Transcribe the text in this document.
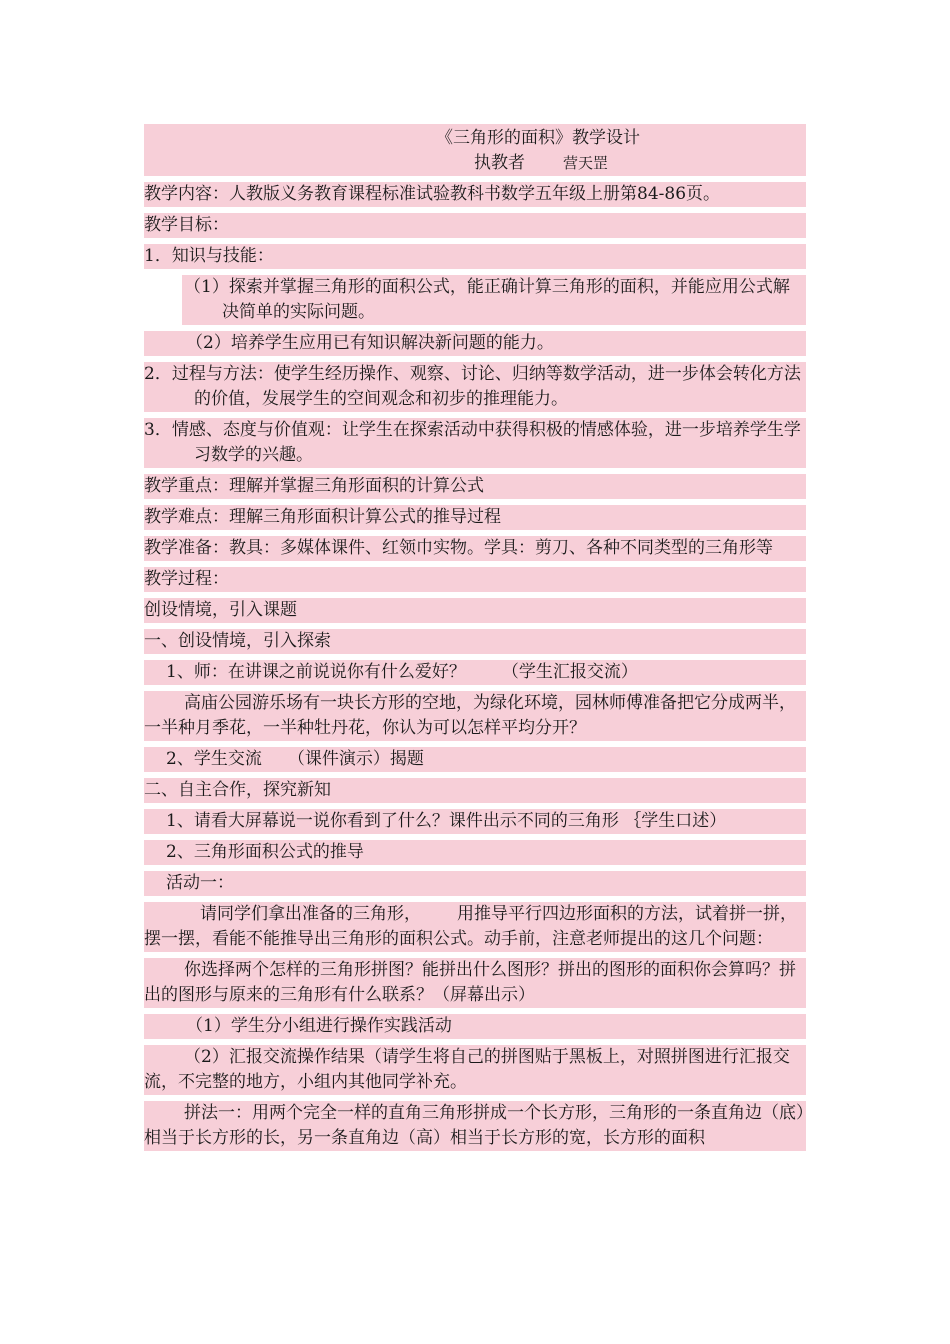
《三角形的面积》教学设计
执教者	营天罡
教学内容：人教版义务教育课程标准试验教科书数学五年级上册第84-86页。
教学目标：
1．知识与技能：
（1）探索并掌握三角形的面积公式，能正确计算三角形的面积，并能应用公式解决简单的实际问题。
（2）培养学生应用已有知识解决新问题的能力。
2．过程与方法：使学生经历操作、观察、讨论、归纳等数学活动，进一步体会转化方法的价值，发展学生的空间观念和初步的推理能力。
3．情感、态度与价值观：让学生在探索活动中获得积极的情感体验，进一步培养学生学习数学的兴趣。
教学重点：理解并掌握三角形面积的计算公式
教学难点：理解三角形面积计算公式的推导过程
教学准备：教具：多媒体课件、红领巾实物。学具：剪刀、各种不同类型的三角形等
教学过程：
创设情境，引入课题
一、创设情境，引入探索
1、师：在讲课之前说说你有什么爱好？ （学生汇报交流）
高庙公园游乐场有一块长方形的空地，为绿化环境，园林师傅准备把它分成两半，一半种月季花，一半种牡丹花，你认为可以怎样平均分开？
2、学生交流 （课件演示）揭题
二、自主合作，探究新知
1、请看大屏幕说一说你看到了什么？课件出示不同的三角形 ｛学生口述）
2、三角形面积公式的推导
活动一：
请同学们拿出准备的三角形， 用推导平行四边形面积的方法，试着拼一拼，摆一摆，看能不能推导出三角形的面积公式。动手前，注意老师提出的这几个问题：
你选择两个怎样的三角形拼图？能拼出什么图形？拼出的图形的面积你会算吗？拼出的图形与原来的三角形有什么联系？（屏幕出示）
（1）学生分小组进行操作实践活动
（2）汇报交流操作结果（请学生将自己的拼图贴于黑板上，对照拼图进行汇报交流，不完整的地方，小组内其他同学补充。
拼法一：用两个完全一样的直角三角形拼成一个长方形，三角形的一条直角边（底）相当于长方形的长，另一条直角边（高）相当于长方形的宽，长方形的面积
